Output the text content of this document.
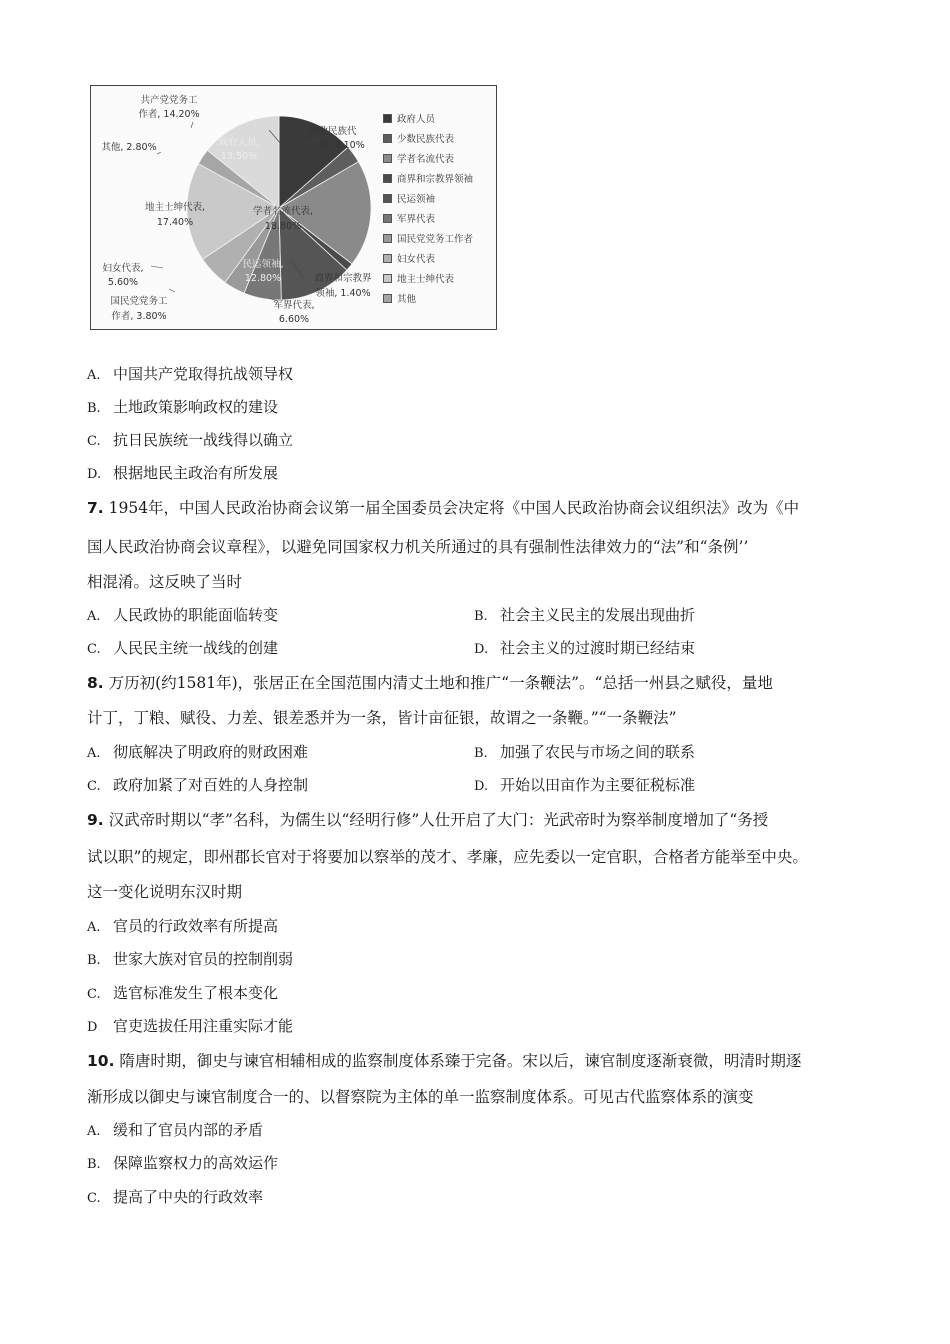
政府人员,
13.50%
少数民族代
表, 3.10%
学者名流代表,
18.80%
商界和宗教界
领袖, 1.40%
民运领袖,
12.80%
军界代表,
6.60%
国民党党务工
作者, 3.80%
妇女代表,
5.60%
地主士绅代表,
17.40%
其他, 2.80%
共产党党务工
作者, 14.20%	政府人员
少数民族代表
学者名流代表
商界和宗教界领袖
民运领袖
军界代表
国民党党务工作者
妇女代表
地主士绅代表
其他
A. 中国共产党取得抗战领导权
B. 土地政策影响政权的建设
C. 抗日民族统一战线得以确立
D. 根据地民主政治有所发展
7. 1954年，中国人民政治协商会议第一届全国委员会决定将《中国人民政治协商会议组织法》改为《中
国人民政治协商会议章程》，以避免同国家权力机关所通过的具有强制性法律效力的“法”和“条例’’
相混淆。这反映了当时
A. 人民政协的职能面临转变	B. 社会主义民主的发展出现曲折
C. 人民民主统一战线的创建	D. 社会主义的过渡时期已经结束
8. 万历初(约1581年)，张居正在全国范围内清丈土地和推广“一条鞭法”。“总括一州县之赋役，量地
计丁，丁粮、赋役、力差、银差悉并为一条，皆计亩征银，故谓之一条鞭。”“一条鞭法”
A. 彻底解决了明政府的财政困难	B. 加强了农民与市场之间的联系
C. 政府加紧了对百姓的人身控制	D. 开始以田亩作为主要征税标准
9. 汉武帝时期以“孝”名科，为儒生以“经明行修”人仕开启了大门：光武帝时为察举制度增加了“务授
试以职”的规定，即州郡长官对于将要加以察举的茂才、孝廉，应先委以一定官职，合格者方能举至中央。
这一变化说明东汉时期
A. 官员的行政效率有所提高
B. 世家大族对官员的控制削弱
C. 选官标准发生了根本变化
D 官吏选拔任用注重实际才能
10. 隋唐时期，御史与谏官相辅相成的监察制度体系臻于完备。宋以后，谏官制度逐渐衰微，明清时期逐
渐形成以御史与谏官制度合一的、以督察院为主体的单一监察制度体系。可见古代监察体系的演变
A. 缓和了官员内部的矛盾
B. 保障监察权力的高效运作
C. 提高了中央的行政效率
